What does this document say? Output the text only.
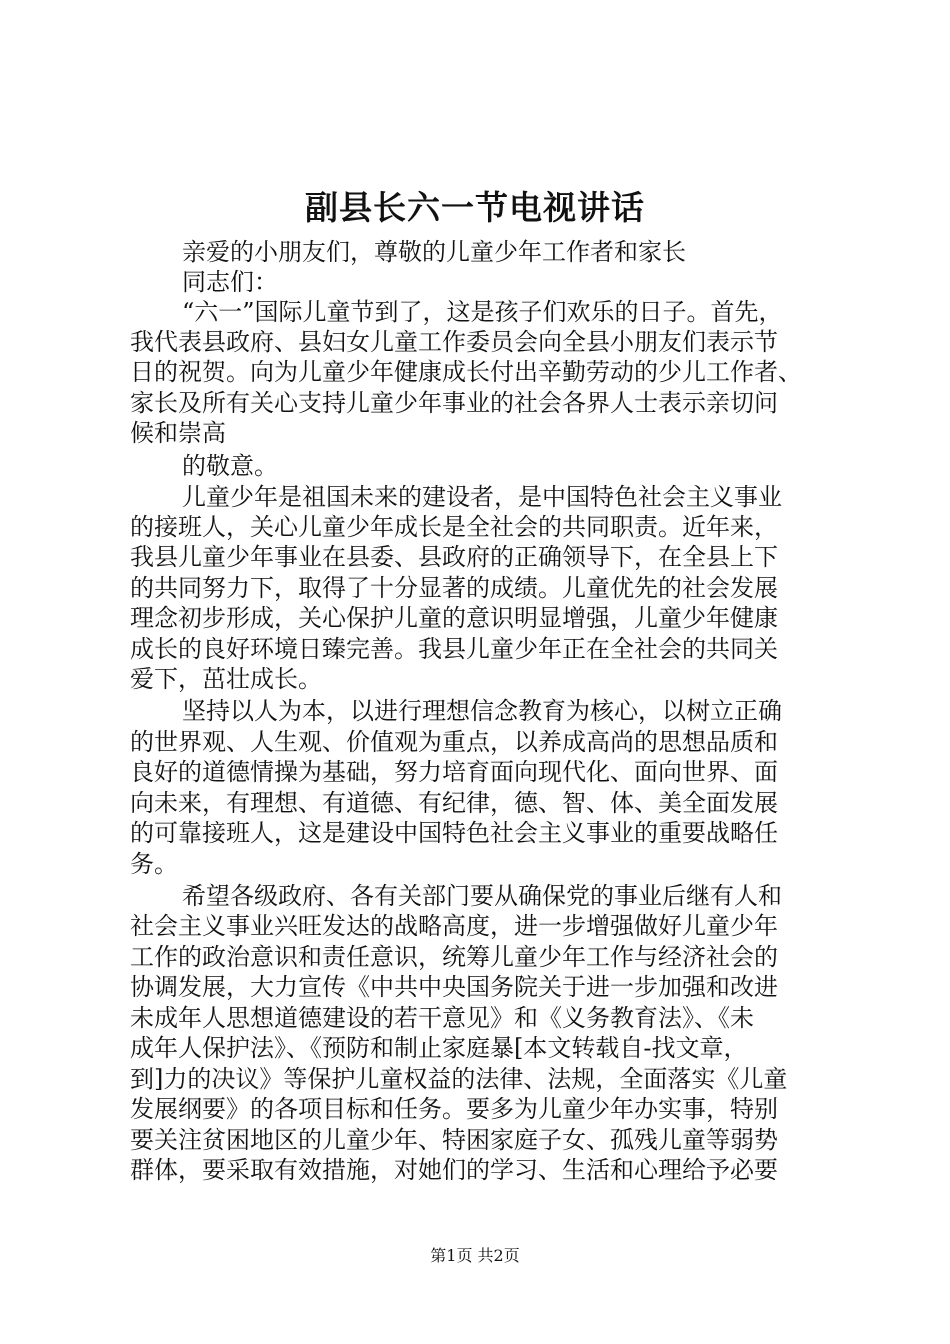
副县长六一节电视讲话
亲爱的小朋友们，尊敬的儿童少年工作者和家长
同志们：
“六一”国际儿童节到了，这是孩子们欢乐的日子。首先，
我代表县政府、县妇女儿童工作委员会向全县小朋友们表示节
日的祝贺。向为儿童少年健康成长付出辛勤劳动的少儿工作者、
家长及所有关心支持儿童少年事业的社会各界人士表示亲切问
候和崇高
的敬意。
儿童少年是祖国未来的建设者，是中国特色社会主义事业
的接班人，关心儿童少年成长是全社会的共同职责。近年来，
我县儿童少年事业在县委、县政府的正确领导下，在全县上下
的共同努力下，取得了十分显著的成绩。儿童优先的社会发展
理念初步形成，关心保护儿童的意识明显增强，儿童少年健康
成长的良好环境日臻完善。我县儿童少年正在全社会的共同关
爱下，茁壮成长。
坚持以人为本，以进行理想信念教育为核心，以树立正确
的世界观、人生观、价值观为重点，以养成高尚的思想品质和
良好的道德情操为基础，努力培育面向现代化、面向世界、面
向未来，有理想、有道德、有纪律，德、智、体、美全面发展
的可靠接班人，这是建设中国特色社会主义事业的重要战略任
务。
希望各级政府、各有关部门要从确保党的事业后继有人和
社会主义事业兴旺发达的战略高度，进一步增强做好儿童少年
工作的政治意识和责任意识，统筹儿童少年工作与经济社会的
协调发展，大力宣传《中共中央国务院关于进一步加强和改进
未成年人思想道德建设的若干意见》和《义务教育法》、《未
成年人保护法》、《预防和制止家庭暴[本文转载自-找文章，
到]力的决议》等保护儿童权益的法律、法规，全面落实《儿童
发展纲要》的各项目标和任务。要多为儿童少年办实事，特别
要关注贫困地区的儿童少年、特困家庭子女、孤残儿童等弱势
群体，要采取有效措施，对她们的学习、生活和心理给予必要
第1页 共2页
